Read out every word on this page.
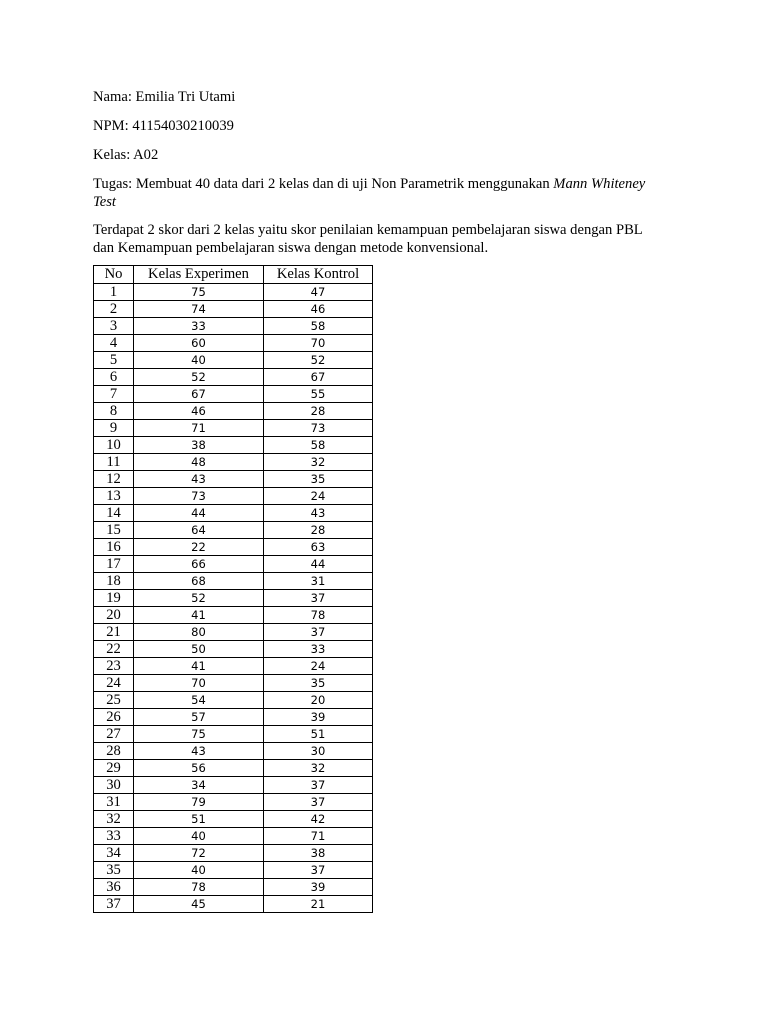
Nama: Emilia Tri Utami

NPM: 41154030210039

Kelas: A02

Tugas: Membuat 40 data dari 2 kelas dan di uji Non Parametrik menggunakan Mann Whiteney Test

Terdapat 2 skor dari 2 kelas yaitu skor penilaian kemampuan pembelajaran siswa dengan PBL dan Kemampuan pembelajaran siswa dengan metode konvensional.

No	Kelas Experimen	Kelas Kontrol
1	75	47
2	74	46
3	33	58
4	60	70
5	40	52
6	52	67
7	67	55
8	46	28
9	71	73
10	38	58
11	48	32
12	43	35
13	73	24
14	44	43
15	64	28
16	22	63
17	66	44
18	68	31
19	52	37
20	41	78
21	80	37
22	50	33
23	41	24
24	70	35
25	54	20
26	57	39
27	75	51
28	43	30
29	56	32
30	34	37
31	79	37
32	51	42
33	40	71
34	72	38
35	40	37
36	78	39
37	45	21
